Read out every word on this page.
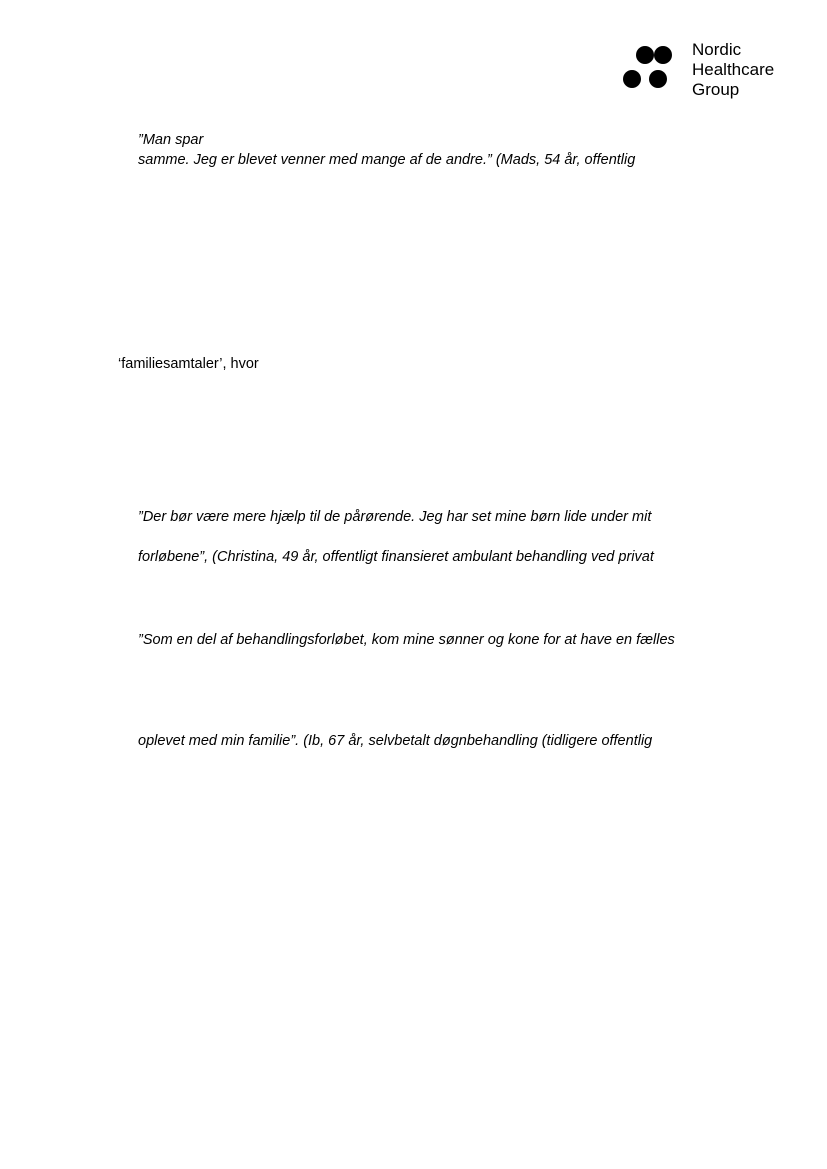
Nordic
Healthcare
Group
”Man spar
samme. Jeg er blevet venner med mange af de andre.” (Mads, 54 år, offentlig
‘familiesamtaler’, hvor
”Der bør være mere hjælp til de pårørende. Jeg har set mine børn lide under mit
forløbene”, (Christina, 49 år, offentligt finansieret ambulant behandling ved privat
”Som en del af behandlingsforløbet, kom mine sønner og kone for at have en fælles
oplevet med min familie”. (Ib, 67 år, selvbetalt døgnbehandling (tidligere offentlig
